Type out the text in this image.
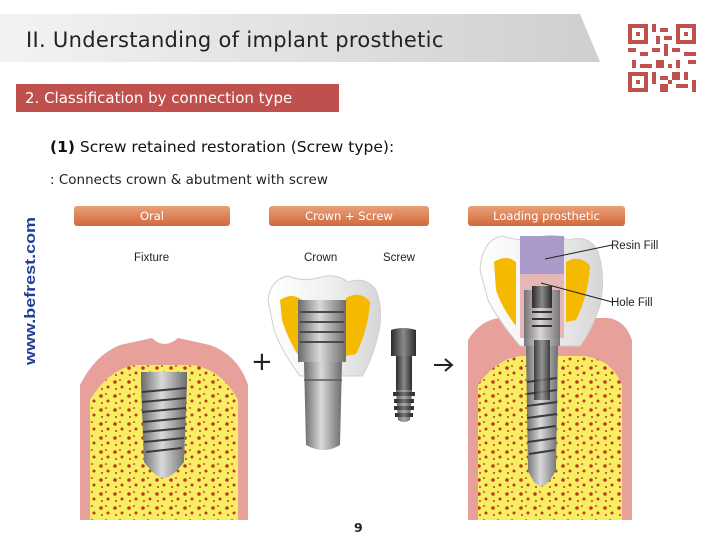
II. Understanding of implant prosthetic
2. Classification by connection type
(1) Screw retained restoration (Screw type):
: Connects crown & abutment with screw
www.befrest.com
Oral	Crown + Screw	Loading prosthetic
Fixture	Crown	Screw
Resin Fill
Hole Fill
+
9
